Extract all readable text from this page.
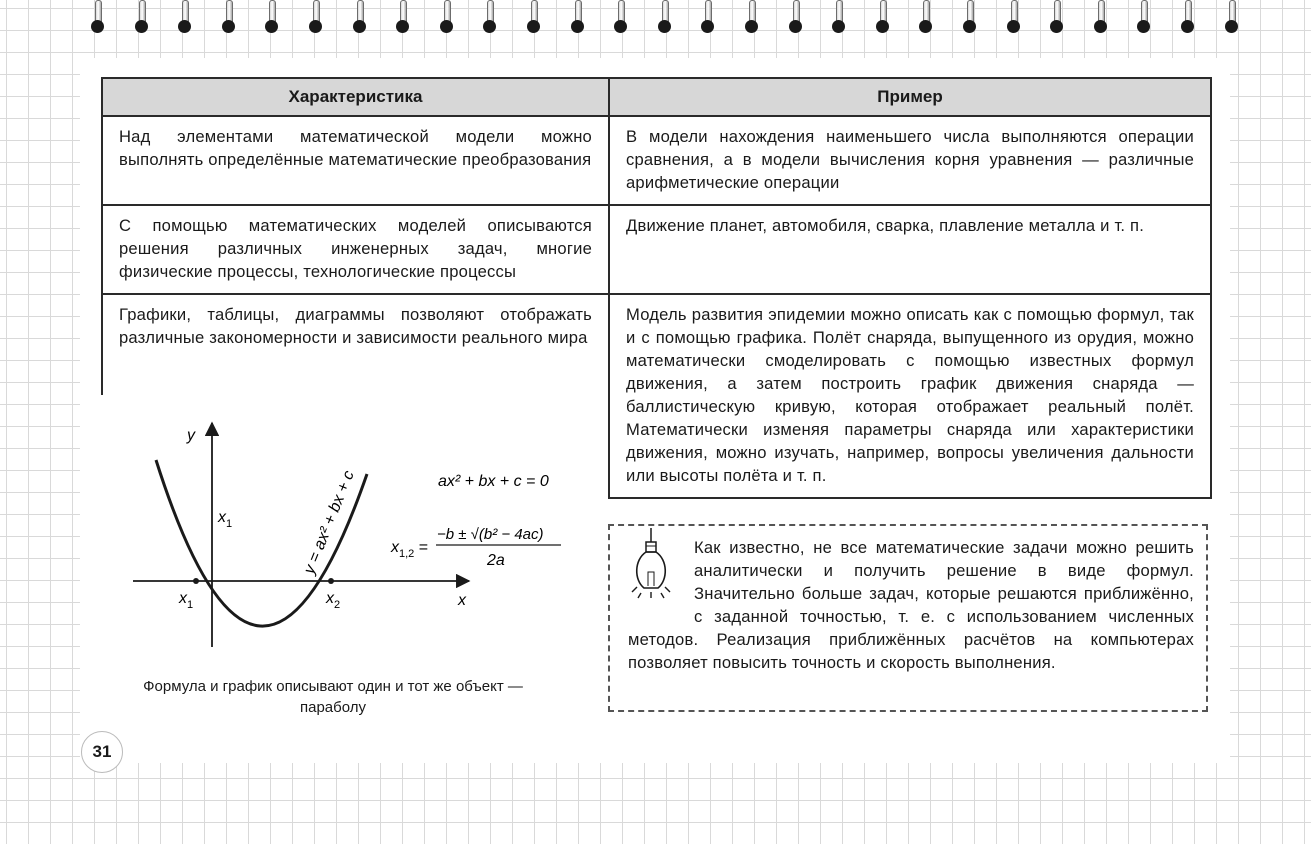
Характеристика	Пример
Над элементами математической модели можно выполнять определённые математические преобразования	В модели нахождения наименьшего числа выполняются операции сравнения, а в модели вычисления корня уравнения — различные арифметические операции
С помощью математических моделей описываются решения различных инженерных задач, многие физические процессы, технологические процессы	Движение планет, автомобиля, сварка, плавление металла и т. п.
Графики, таблицы, диаграммы позволяют отображать различные закономерности и зависимости реального мира	Модель развития эпидемии можно описать как с помощью формул, так и с помощью графика. Полёт снаряда, выпущенного из орудия, можно математически смоделировать с помощью известных формул движения, а затем построить график движения снаряда — баллистическую кривую, которая отображает реальный полёт. Математически изменяя параметры снаряда или характеристики движения, можно изучать, например, вопросы увеличения дальности или высоты полёта и т. п.
y
x
$x_1$
$x_1$	$x_2$
y = ax² + bx + c	ax² + bx + c = 0
$x_{1,2}$ =
−b ± √(b² − 4ac)
2a
Формула и график описывают один и тот же объект — параболу
Как известно, не все математические задачи можно решить аналитически и получить решение в виде формул. Значительно больше задач, которые решаются приближённо, с заданной точностью, т. е. с использованием численных методов. Реализация приближённых расчётов на компьютерах позволяет повысить точность и скорость выполнения.
31
